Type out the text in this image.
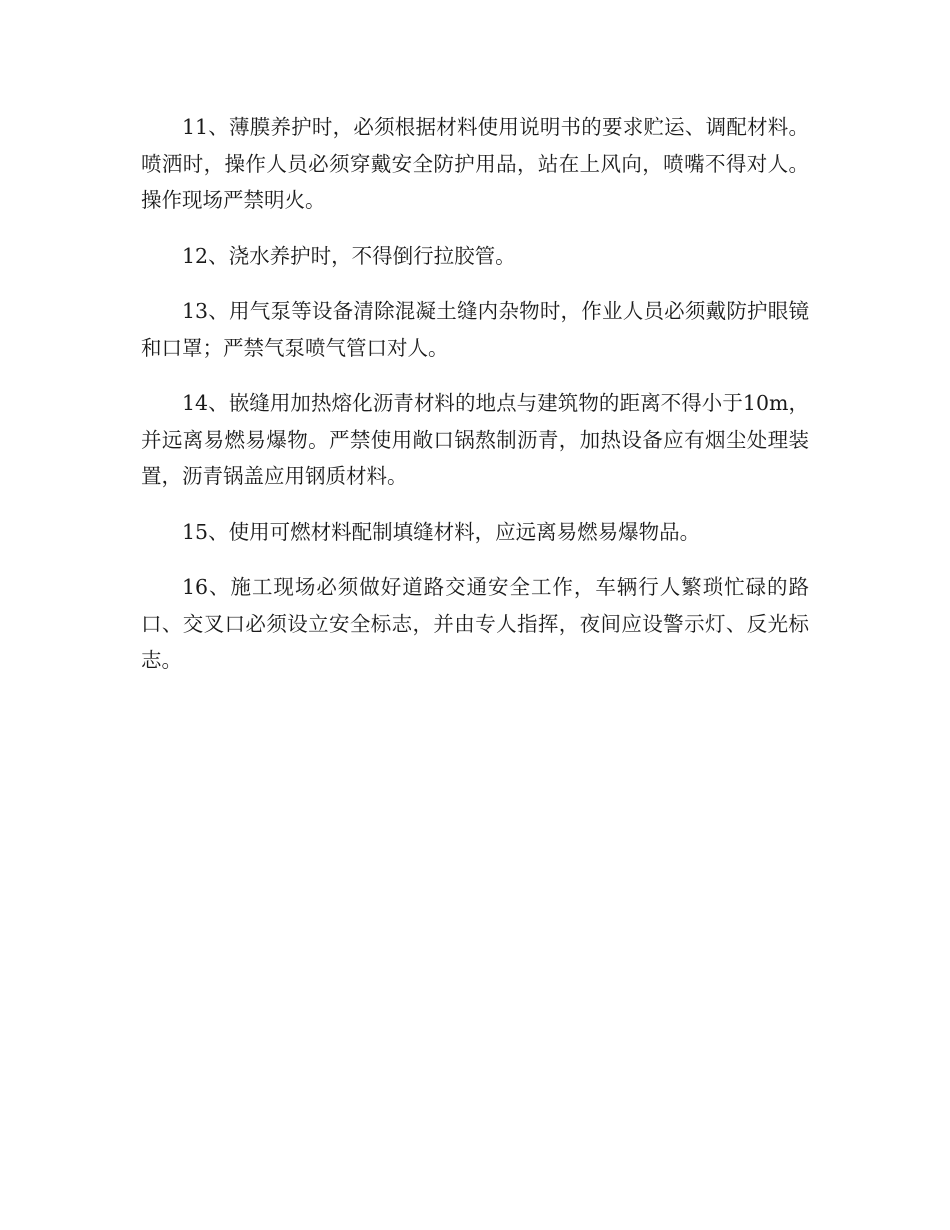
11、薄膜养护时，必须根据材料使用说明书的要求贮运、调配材料。喷洒时，操作人员必须穿戴安全防护用品，站在上风向，喷嘴不得对人。操作现场严禁明火。

12、浇水养护时，不得倒行拉胶管。

13、用气泵等设备清除混凝土缝内杂物时，作业人员必须戴防护眼镜和口罩；严禁气泵喷气管口对人。

14、嵌缝用加热熔化沥青材料的地点与建筑物的距离不得小于10m，并远离易燃易爆物。严禁使用敞口锅熬制沥青，加热设备应有烟尘处理装置，沥青锅盖应用钢质材料。

15、使用可燃材料配制填缝材料，应远离易燃易爆物品。

16、施工现场必须做好道路交通安全工作，车辆行人繁琐忙碌的路口、交叉口必须设立安全标志，并由专人指挥，夜间应设警示灯、反光标志。
